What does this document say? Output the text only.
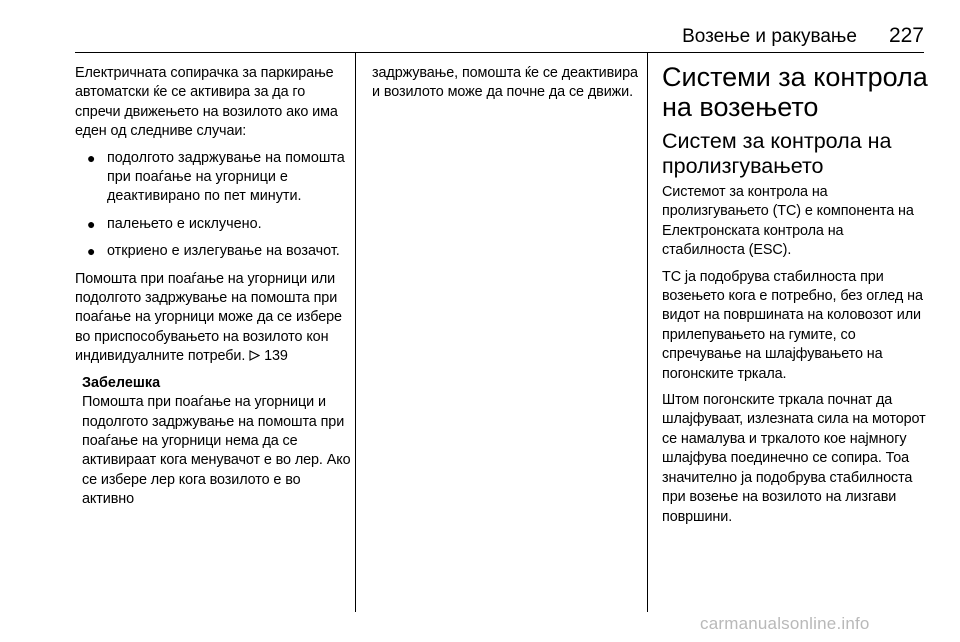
Возење и ракување 227

Електричната сопирачка за паркирање автоматски ќе се активира за да го спречи движењето на возилото ако има еден од следниве случаи:

● подолгото задржување на помошта при поаѓање на угорници е деактивирано по пет минути.
● палењето е исклучено.
● откриено е излегување на возачот.

Помошта при поаѓање на угорници или подолгото задржување на помошта при поаѓање на угорници може да се избере во приспособувањето на возилото кон индивидуалните потреби. 139

Забелешка

Помошта при поаѓање на угорници и подолгото задржување на помошта при поаѓање на угорници нема да се активираат кога менувачот е во лер. Ако се избере лер кога возилото е во активно

задржување, помошта ќе се деактивира и возилото може да почне да се движи.

Системи за контрола на возењето
Систем за контрола на пролизгувањето

Системот за контрола на пролизгувањето (TC) е компонента на Електронската контрола на стабилноста (ESC).

TC ја подобрува стабилноста при возењето кога е потребно, без оглед на видот на површината на коловозот или прилепувањето на гумите, со спречување на шлајфувањето на погонските тркала.

Штом погонските тркала почнат да шлајфуваат, излезната сила на моторот се намалува и тркалото кое најмногу шлајфува поединечно се сопира. Тоа значително ја подобрува стабилноста при возење на возилото на лизгави површини.

carmanualsonline.info
